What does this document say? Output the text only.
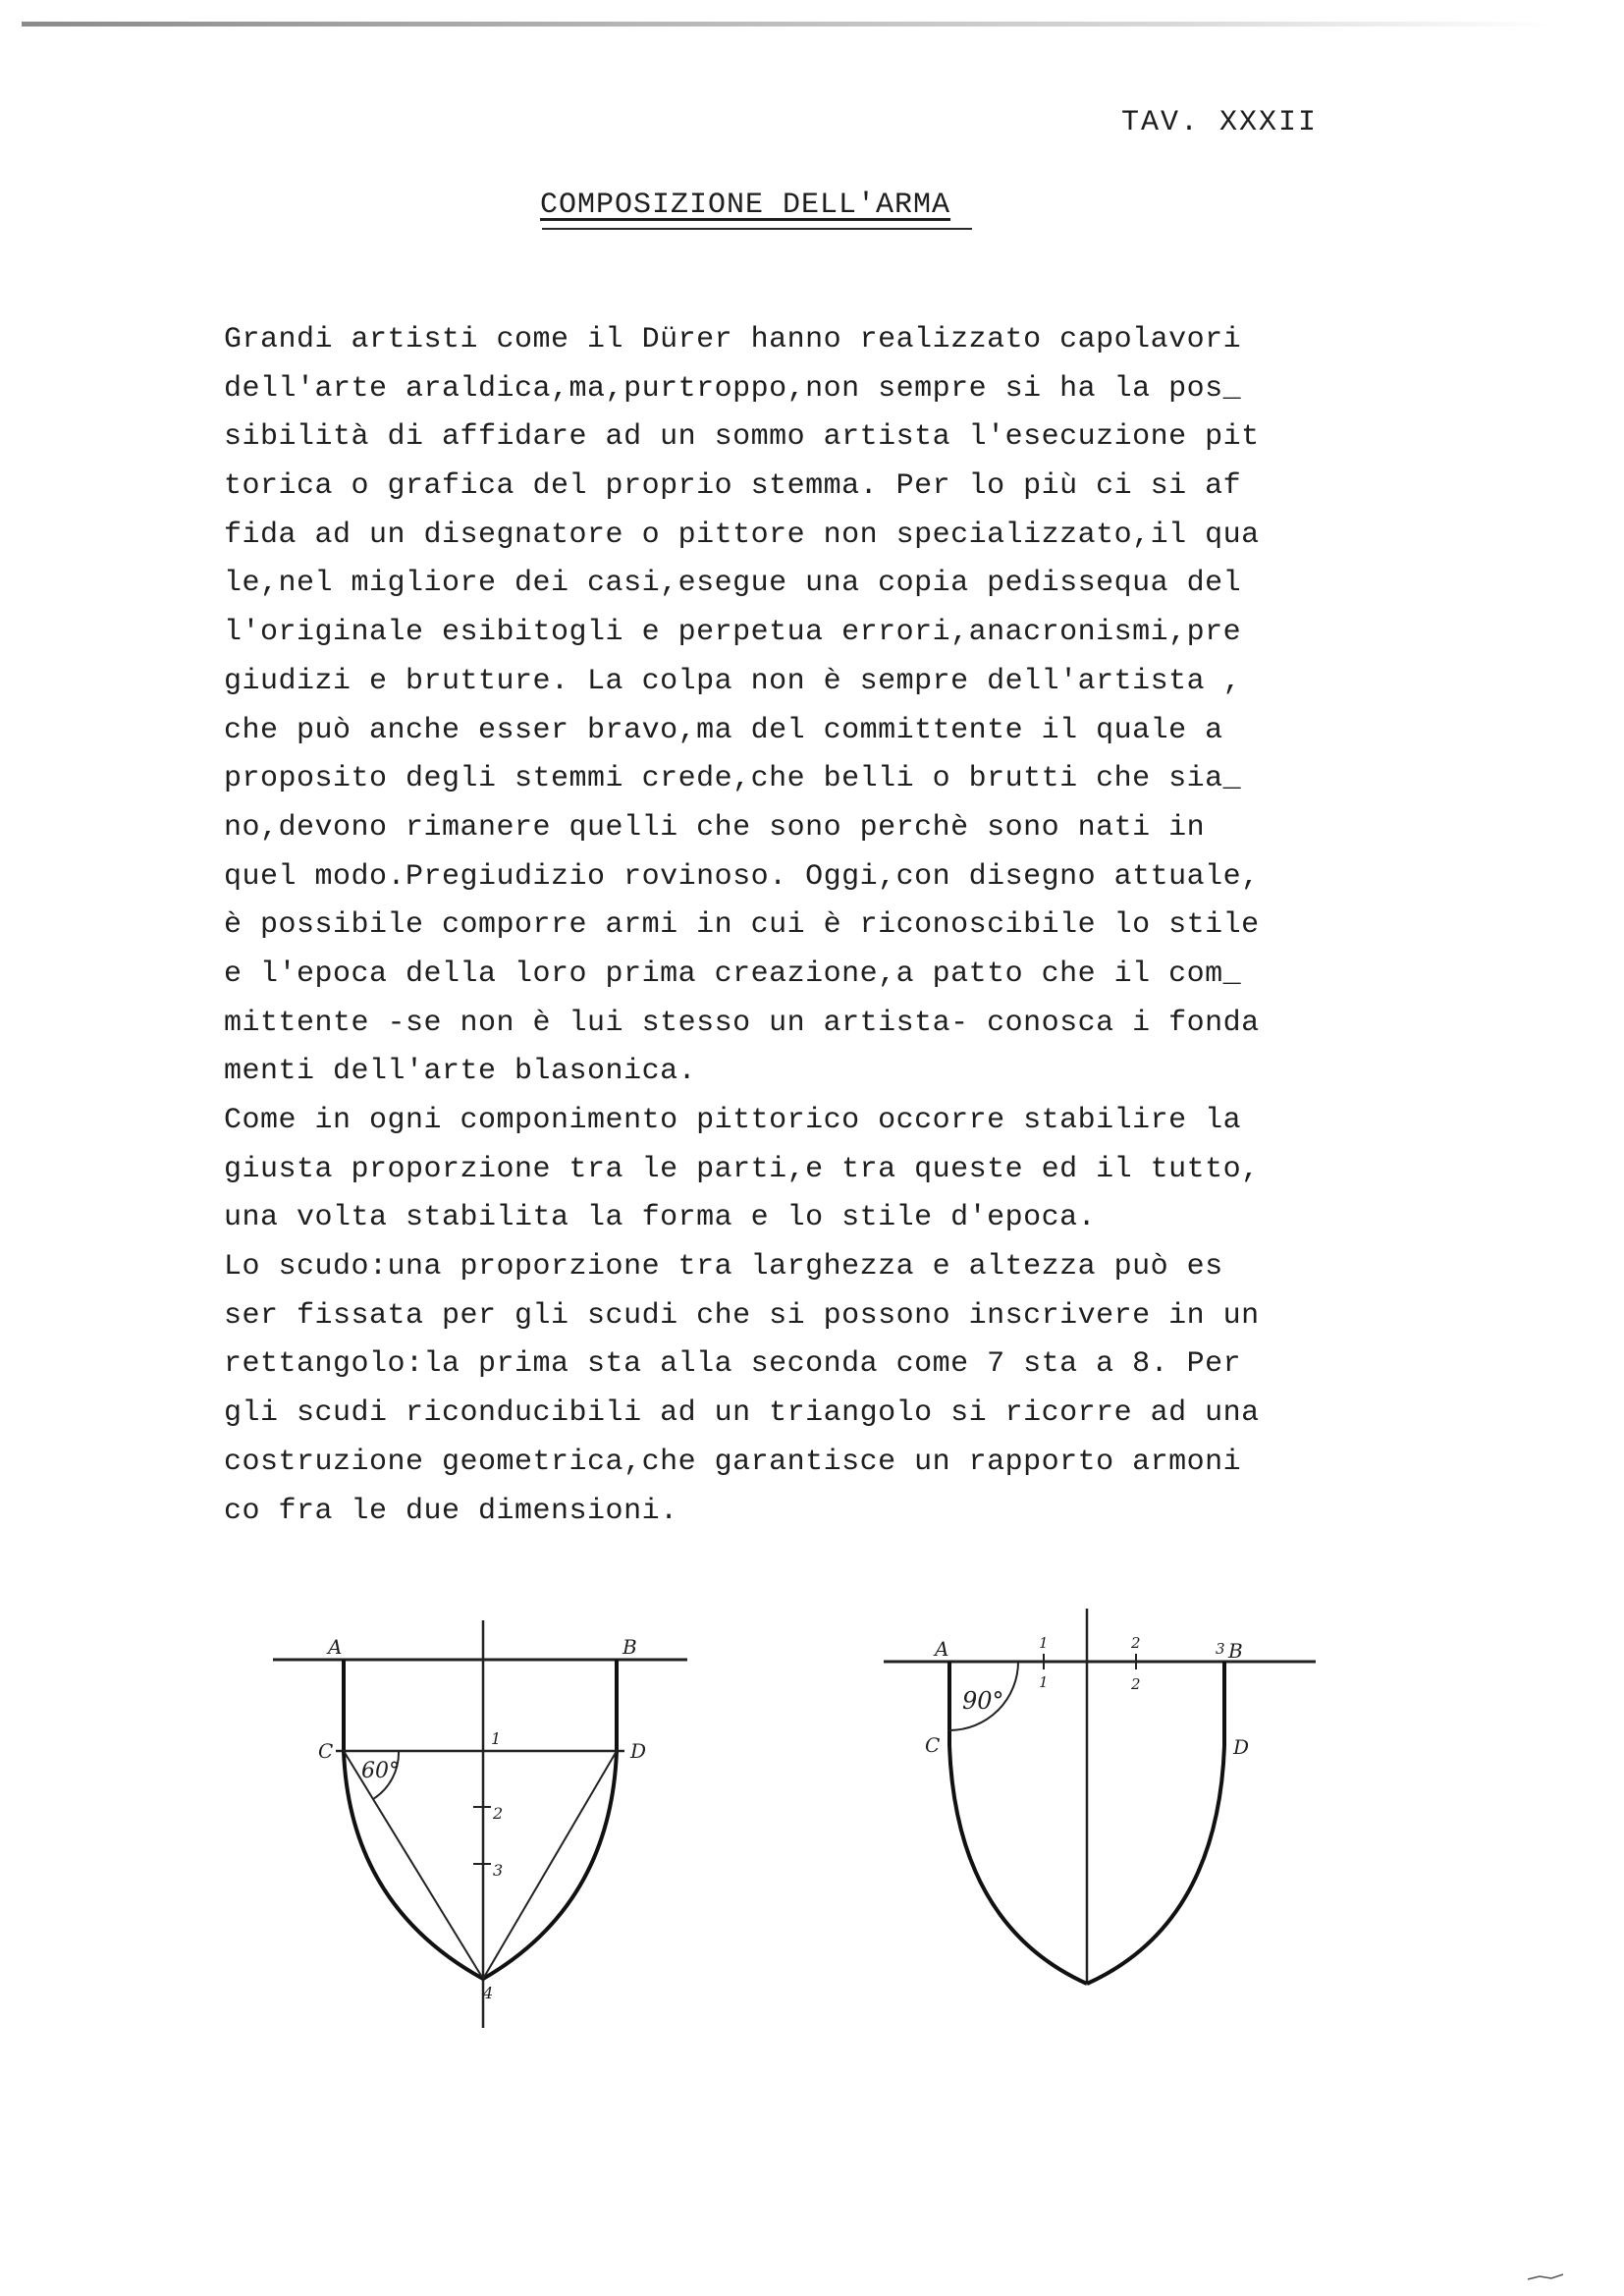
TAV. XXXII
COMPOSIZIONE DELL'ARMA
Grandi artisti come il Dürer hanno realizzato capolavori
dell'arte araldica,ma,purtroppo,non sempre si ha la pos_
sibilità di affidare ad un sommo artista l'esecuzione pit
torica o grafica del proprio stemma. Per lo più ci si af
fida ad un disegnatore o pittore non specializzato,il qua
le,nel migliore dei casi,esegue una copia pedissequa del
l'originale esibitogli e perpetua errori,anacronismi,pre
giudizi e brutture. La colpa non è sempre dell'artista ,
che può anche esser bravo,ma del committente il quale a
proposito degli stemmi crede,che belli o brutti che sia_
no,devono rimanere quelli che sono perchè sono nati in
quel modo.Pregiudizio rovinoso. Oggi,con disegno attuale,
è possibile comporre armi in cui è riconoscibile lo stile
e l'epoca della loro prima creazione,a patto che il com_
mittente -se non è lui stesso un artista- conosca i fonda
menti dell'arte blasonica.
Come in ogni componimento pittorico occorre stabilire la
giusta proporzione tra le parti,e tra queste ed il tutto,
una volta stabilita la forma e lo stile d'epoca.
Lo scudo:una proporzione tra larghezza e altezza può es
ser fissata per gli scudi che si possono inscrivere in un
rettangolo:la prima sta alla seconda come 7 sta a 8. Per
gli scudi riconducibili ad un triangolo si ricorre ad una
costruzione geometrica,che garantisce un rapporto armoni
co fra le due dimensioni.
A	B
C	D
60°
1
2
3
4
A	B
C	D
90°
1	2	3
1	2
